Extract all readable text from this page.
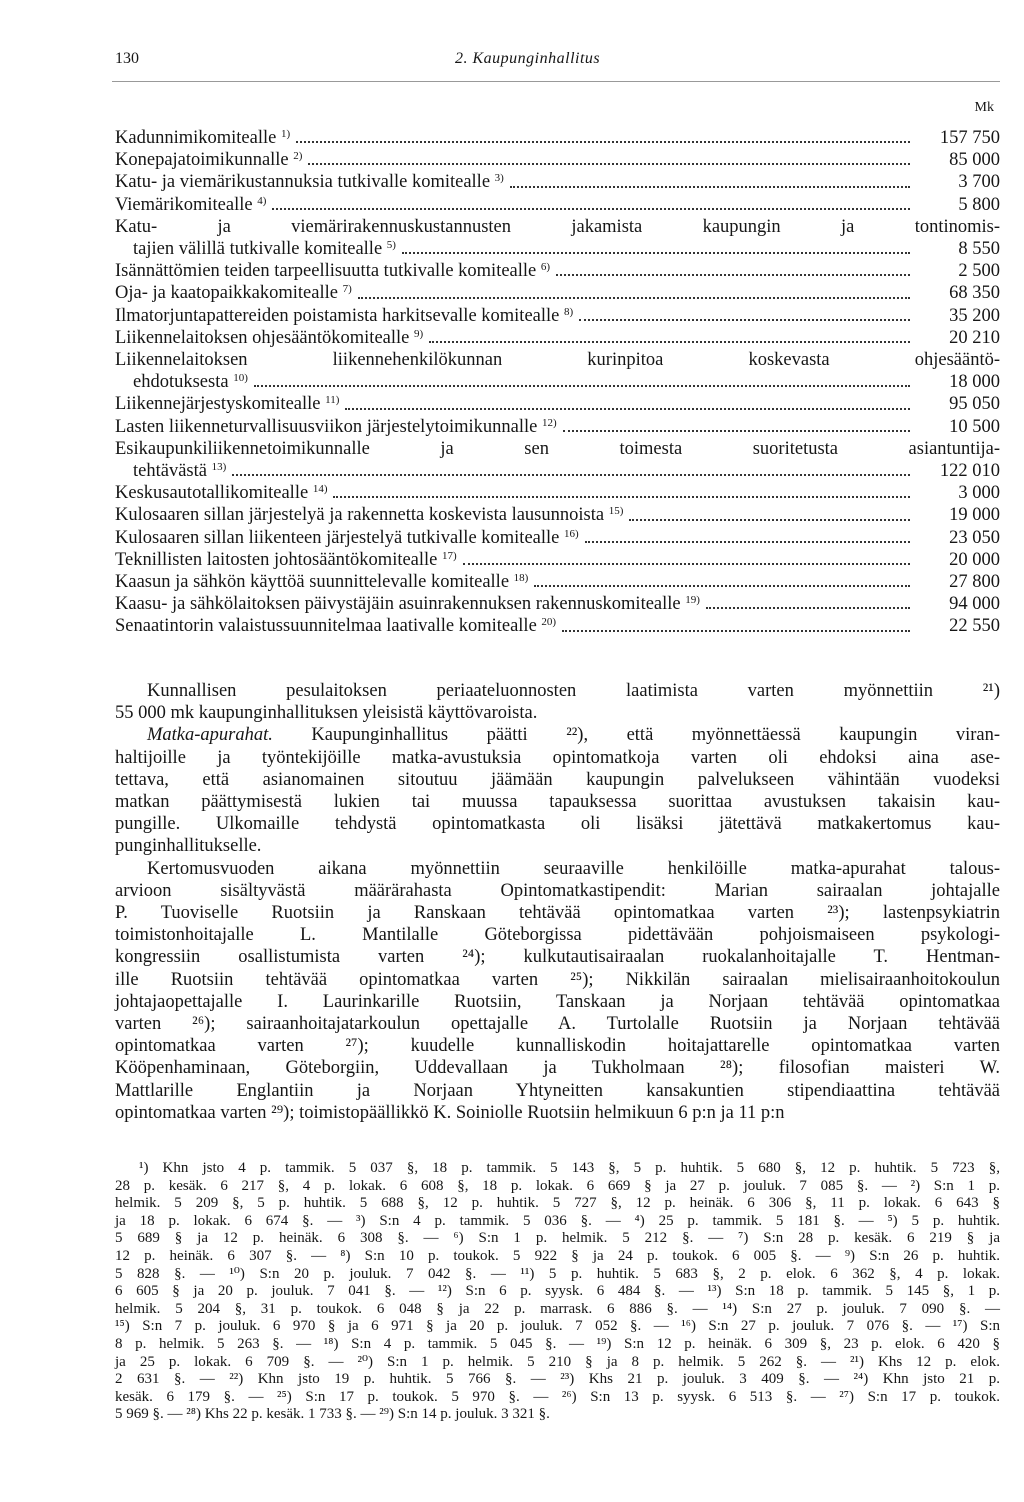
130	2. Kaupunginhallitus
Mk
Kadunnimikomitealle $^{1)}$	157 750
Konepajatoimikunnalle $^{2)}$	85 000
Katu- ja viemärikustannuksia tutkivalle komitealle $^{3)}$	3 700
Viemärikomitealle $^{4)}$	5 800
Katu- ja viemärirakennuskustannusten jakamista kaupungin ja tontinomis-
tajien välillä tutkivalle komitealle $^{5)}$	8 550
Isännättömien teiden tarpeellisuutta tutkivalle komitealle $^{6)}$	2 500
Oja- ja kaatopaikkakomitealle $^{7)}$	68 350
Ilmatorjuntapattereiden poistamista harkitsevalle komitealle $^{8)}$	35 200
Liikennelaitoksen ohjesääntökomitealle $^{9)}$	20 210
Liikennelaitoksen liikennehenkilökunnan kurinpitoa koskevasta ohjesääntö-
ehdotuksesta $^{10)}$	18 000
Liikennejärjestyskomitealle $^{11)}$	95 050
Lasten liikenneturvallisuusviikon järjestelytoimikunnalle $^{12)}$	10 500
Esikaupunkiliikennetoimikunnalle ja sen toimesta suoritetusta asiantuntija-
tehtävästä $^{13)}$	122 010
Keskusautotallikomitealle $^{14)}$	3 000
Kulosaaren sillan järjestelyä ja rakennetta koskevista lausunnoista $^{15)}$	19 000
Kulosaaren sillan liikenteen järjestelyä tutkivalle komitealle $^{16)}$	23 050
Teknillisten laitosten johtosääntökomitealle $^{17)}$	20 000
Kaasun ja sähkön käyttöä suunnittelevalle komitealle $^{18)}$	27 800
Kaasu- ja sähkölaitoksen päivystäjäin asuinrakennuksen rakennuskomitealle $^{19)}$	94 000
Senaatintorin valaistussuunnitelmaa laativalle komitealle $^{20)}$	22 550
Kunnallisen pesulaitoksen periaateluonnosten laatimista varten myönnettiin ²¹)
55 000 mk kaupunginhallituksen yleisistä käyttövaroista.
Matka-apurahat. Kaupunginhallitus päätti ²²), että myönnettäessä kaupungin viran-
haltijoille ja työntekijöille matka-avustuksia opintomatkoja varten oli ehdoksi aina ase-
tettava, että asianomainen sitoutuu jäämään kaupungin palvelukseen vähintään vuodeksi
matkan päättymisestä lukien tai muussa tapauksessa suorittaa avustuksen takaisin kau-
pungille. Ulkomaille tehdystä opintomatkasta oli lisäksi jätettävä matkakertomus kau-
punginhallitukselle.
Kertomusvuoden aikana myönnettiin seuraaville henkilöille matka-apurahat talous-
arvioon sisältyvästä määrärahasta Opintomatkastipendit: Marian sairaalan johtajalle
P. Tuoviselle Ruotsiin ja Ranskaan tehtävää opintomatkaa varten ²³); lastenpsykiatrin
toimistonhoitajalle L. Mantilalle Göteborgissa pidettävään pohjoismaiseen psykologi-
kongressiin osallistumista varten ²⁴); kulkutautisairaalan ruokalanhoitajalle T. Hentman-
ille Ruotsiin tehtävää opintomatkaa varten ²⁵); Nikkilän sairaalan mielisairaanhoitokoulun
johtajaopettajalle I. Laurinkarille Ruotsiin, Tanskaan ja Norjaan tehtävää opintomatkaa
varten ²⁶); sairaanhoitajatarkoulun opettajalle A. Turtolalle Ruotsiin ja Norjaan tehtävää
opintomatkaa varten ²⁷); kuudelle kunnalliskodin hoitajattarelle opintomatkaa varten
Kööpenhaminaan, Göteborgiin, Uddevallaan ja Tukholmaan ²⁸); filosofian maisteri W.
Mattlarille Englantiin ja Norjaan Yhtyneitten kansakuntien stipendiaattina tehtävää
opintomatkaa varten ²⁹); toimistopäällikkö K. Soiniolle Ruotsiin helmikuun 6 p:n ja 11 p:n
¹) Khn jsto 4 p. tammik. 5 037 §, 18 p. tammik. 5 143 §, 5 p. huhtik. 5 680 §, 12 p. huhtik. 5 723 §,
28 p. kesäk. 6 217 §, 4 p. lokak. 6 608 §, 18 p. lokak. 6 669 § ja 27 p. jouluk. 7 085 §. — ²) S:n 1 p.
helmik. 5 209 §, 5 p. huhtik. 5 688 §, 12 p. huhtik. 5 727 §, 12 p. heinäk. 6 306 §, 11 p. lokak. 6 643 §
ja 18 p. lokak. 6 674 §. — ³) S:n 4 p. tammik. 5 036 §. — ⁴) 25 p. tammik. 5 181 §. — ⁵) 5 p. huhtik.
5 689 § ja 12 p. heinäk. 6 308 §. — ⁶) S:n 1 p. helmik. 5 212 §. — ⁷) S:n 28 p. kesäk. 6 219 § ja
12 p. heinäk. 6 307 §. — ⁸) S:n 10 p. toukok. 5 922 § ja 24 p. toukok. 6 005 §. — ⁹) S:n 26 p. huhtik.
5 828 §. — ¹⁰) S:n 20 p. jouluk. 7 042 §. — ¹¹) 5 p. huhtik. 5 683 §, 2 p. elok. 6 362 §, 4 p. lokak.
6 605 § ja 20 p. jouluk. 7 041 §. — ¹²) S:n 6 p. syysk. 6 484 §. — ¹³) S:n 18 p. tammik. 5 145 §, 1 p.
helmik. 5 204 §, 31 p. toukok. 6 048 § ja 22 p. marrask. 6 886 §. — ¹⁴) S:n 27 p. jouluk. 7 090 §. —
¹⁵) S:n 7 p. jouluk. 6 970 § ja 6 971 § ja 20 p. jouluk. 7 052 §. — ¹⁶) S:n 27 p. jouluk. 7 076 §. — ¹⁷) S:n
8 p. helmik. 5 263 §. — ¹⁸) S:n 4 p. tammik. 5 045 §. — ¹⁹) S:n 12 p. heinäk. 6 309 §, 23 p. elok. 6 420 §
ja 25 p. lokak. 6 709 §. — ²⁰) S:n 1 p. helmik. 5 210 § ja 8 p. helmik. 5 262 §. — ²¹) Khs 12 p. elok.
2 631 §. — ²²) Khn jsto 19 p. huhtik. 5 766 §. — ²³) Khs 21 p. jouluk. 3 409 §. — ²⁴) Khn jsto 21 p.
kesäk. 6 179 §. — ²⁵) S:n 17 p. toukok. 5 970 §. — ²⁶) S:n 13 p. syysk. 6 513 §. — ²⁷) S:n 17 p. toukok.
5 969 §. — ²⁸) Khs 22 p. kesäk. 1 733 §. — ²⁹) S:n 14 p. jouluk. 3 321 §.
